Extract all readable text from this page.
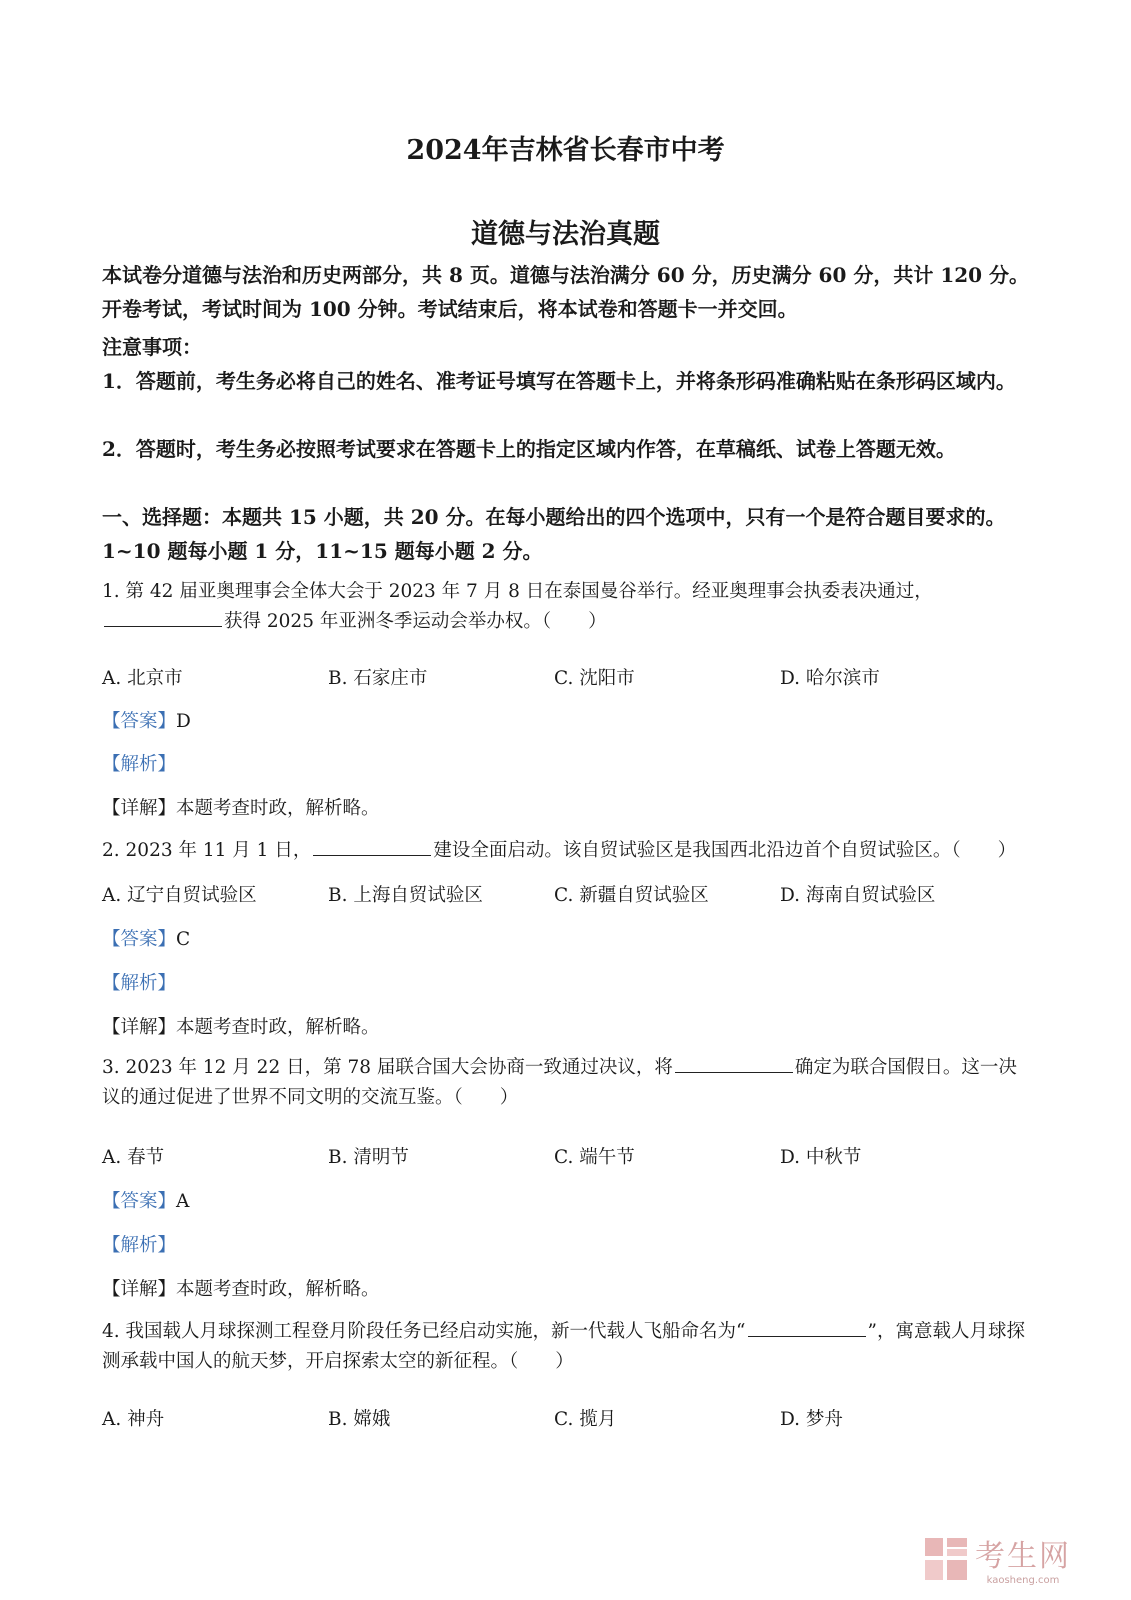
2024年吉林省长春市中考
道德与法治真题
本试卷分道德与法治和历史两部分，共 8 页。道德与法治满分 60 分，历史满分 60 分，共计 120 分。开卷考试，考试时间为 100 分钟。考试结束后，将本试卷和答题卡一并交回。
注意事项：
1．答题前，考生务必将自己的姓名、准考证号填写在答题卡上，并将条形码准确粘贴在条形码区域内。
2．答题时，考生务必按照考试要求在答题卡上的指定区域内作答，在草稿纸、试卷上答题无效。
一、选择题：本题共 15 小题，共 20 分。在每小题给出的四个选项中，只有一个是符合题目要求的。1~10 题每小题 1 分，11~15 题每小题 2 分。
1. 第 42 届亚奥理事会全体大会于 2023 年 7 月 8 日在泰国曼谷举行。经亚奥理事会执委表决通过，
获得 2025 年亚洲冬季运动会举办权。（　　）
A. 北京市	B. 石家庄市	C. 沈阳市	D. 哈尔滨市
【答案】D
【解析】
【详解】本题考查时政，解析略。
2. 2023 年 11 月 1 日，	建设全面启动。该自贸试验区是我国西北沿边首个自贸试验区。（　　）
A. 辽宁自贸试验区	B. 上海自贸试验区	C. 新疆自贸试验区	D. 海南自贸试验区
【答案】C
【解析】
【详解】本题考查时政，解析略。
3. 2023 年 12 月 22 日，第 78 届联合国大会协商一致通过决议，将	确定为联合国假日。这一决议的通过促进了世界不同文明的交流互鉴。（　　）
A. 春节	B. 清明节	C. 端午节	D. 中秋节
【答案】A
【解析】
【详解】本题考查时政，解析略。
4. 我国载人月球探测工程登月阶段任务已经启动实施，新一代载人飞船命名为“	”，寓意载人月球探测承载中国人的航天梦，开启探索太空的新征程。（　　）
A. 神舟	B. 嫦娥	C. 揽月	D. 梦舟
考生网
kaosheng.com
